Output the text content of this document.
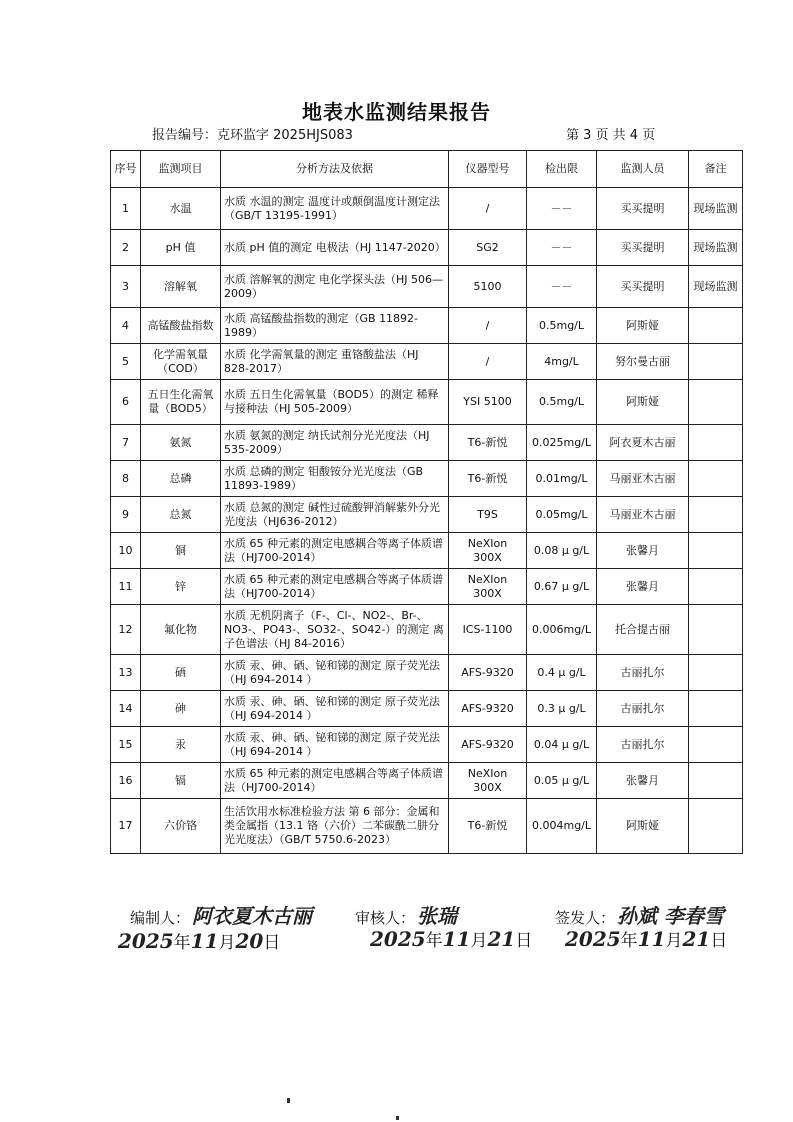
地表水监测结果报告
报告编号：克环监字 2025HJS083	第 3 页 共 4 页
序号	监测项目	分析方法及依据	仪器型号	检出限	监测人员	备注
1	水温	水质 水温的测定 温度计或颠倒温度计测定法（GB/T 13195-1991）	/	－－	买买提明	现场监测
2	pH 值	水质 pH 值的测定 电极法（HJ 1147-2020）	SG2	－－	买买提明	现场监测
3	溶解氧	水质 溶解氧的测定 电化学探头法（HJ 506—2009）	5100	－－	买买提明	现场监测
4	高锰酸盐指数	水质 高锰酸盐指数的测定（GB 11892-1989）	/	0.5mg/L	阿斯娅	
5	化学需氧量（COD）	水质 化学需氧量的测定 重铬酸盐法（HJ 828-2017）	/	4mg/L	努尔曼古丽	
6	五日生化需氧量（BOD5）	水质 五日生化需氧量（BOD5）的测定 稀释与接种法（HJ 505-2009）	YSI 5100	0.5mg/L	阿斯娅	
7	氨氮	水质 氨氮的测定 纳氏试剂分光光度法（HJ 535-2009）	T6-新悦	0.025mg/L	阿衣夏木古丽	
8	总磷	水质 总磷的测定 钼酸铵分光光度法（GB 11893-1989）	T6-新悦	0.01mg/L	马丽亚木古丽	
9	总氮	水质 总氮的测定 碱性过硫酸钾消解紫外分光光度法（HJ636-2012）	T9S	0.05mg/L	马丽亚木古丽	
10	铜	水质 65 种元素的测定电感耦合等离子体质谱法（HJ700-2014）	NeXIon 300X	0.08 μ g/L	张馨月	
11	锌	水质 65 种元素的测定电感耦合等离子体质谱法（HJ700-2014）	NeXIon 300X	0.67 μ g/L	张馨月	
12	氟化物	水质 无机阴离子（F-、Cl-、NO2-、Br-、NO3-、PO43-、SO32-、SO42-）的测定 离子色谱法（HJ 84-2016）	ICS-1100	0.006mg/L	托合提古丽	
13	硒	水质 汞、砷、硒、铋和锑的测定 原子荧光法（HJ 694-2014 ）	AFS-9320	0.4 μ g/L	古丽扎尔	
14	砷	水质 汞、砷、硒、铋和锑的测定 原子荧光法（HJ 694-2014 ）	AFS-9320	0.3 μ g/L	古丽扎尔	
15	汞	水质 汞、砷、硒、铋和锑的测定 原子荧光法（HJ 694-2014 ）	AFS-9320	0.04 μ g/L	古丽扎尔	
16	镉	水质 65 种元素的测定电感耦合等离子体质谱法（HJ700-2014）	NeXIon 300X	0.05 μ g/L	张馨月	
17	六价铬	生活饮用水标准检验方法 第 6 部分：金属和类金属指（13.1 铬（六价）二苯碳酰二肼分光光度法）（GB/T 5750.6-2023）	T6-新悦	0.004mg/L	阿斯娅	
编制人： 阿衣夏木古丽	审核人： 张瑞	签发人： 孙斌 李春雪
2025年11月20日	2025年11月21日 2025年11月21日
